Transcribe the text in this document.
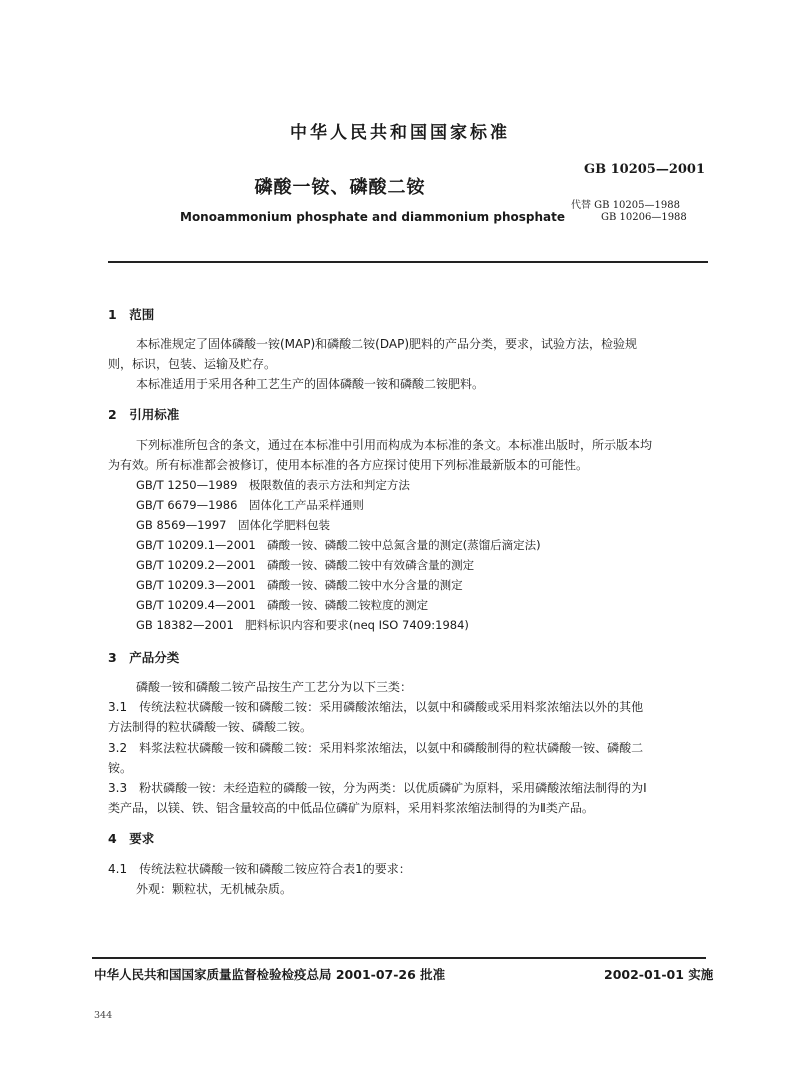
中华人民共和国国家标准
GB 10205—2001
磷酸一铵、磷酸二铵
Monoammonium phosphate and diammonium phosphate
代替 GB 10205—1988
GB 10206—1988
1　范围
本标准规定了固体磷酸一铵(MAP)和磷酸二铵(DAP)肥料的产品分类，要求，试验方法，检验规
则，标识，包装、运输及贮存。
本标准适用于采用各种工艺生产的固体磷酸一铵和磷酸二铵肥料。
2　引用标准
下列标准所包含的条文，通过在本标准中引用而构成为本标准的条文。本标准出版时，所示版本均
为有效。所有标准都会被修订，使用本标准的各方应探讨使用下列标准最新版本的可能性。
GB/T 1250—1989　极限数值的表示方法和判定方法
GB/T 6679—1986　固体化工产品采样通则
GB 8569—1997　固体化学肥料包装
GB/T 10209.1—2001　磷酸一铵、磷酸二铵中总氮含量的测定(蒸馏后滴定法)
GB/T 10209.2—2001　磷酸一铵、磷酸二铵中有效磷含量的测定
GB/T 10209.3—2001　磷酸一铵、磷酸二铵中水分含量的测定
GB/T 10209.4—2001　磷酸一铵、磷酸二铵粒度的测定
GB 18382—2001　肥料标识内容和要求(neq ISO 7409:1984)
3　产品分类
磷酸一铵和磷酸二铵产品按生产工艺分为以下三类：
3.1　传统法粒状磷酸一铵和磷酸二铵：采用磷酸浓缩法，以氨中和磷酸或采用料浆浓缩法以外的其他
方法制得的粒状磷酸一铵、磷酸二铵。
3.2　料浆法粒状磷酸一铵和磷酸二铵：采用料浆浓缩法，以氨中和磷酸制得的粒状磷酸一铵、磷酸二
铵。
3.3　粉状磷酸一铵：未经造粒的磷酸一铵，分为两类：以优质磷矿为原料，采用磷酸浓缩法制得的为Ⅰ
类产品，以镁、铁、铝含量较高的中低品位磷矿为原料，采用料浆浓缩法制得的为Ⅱ类产品。
4　要求
4.1　传统法粒状磷酸一铵和磷酸二铵应符合表1的要求：
外观：颗粒状，无机械杂质。
中华人民共和国国家质量监督检验检疫总局 2001-07-26 批准	2002-01-01 实施
344
